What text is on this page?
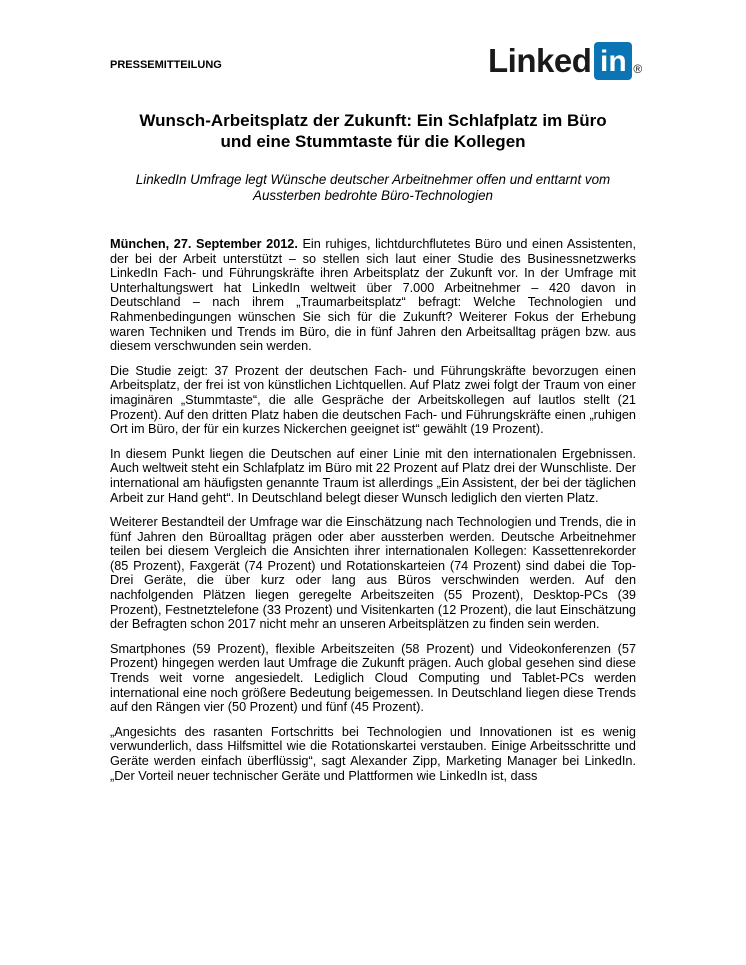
PRESSEMITTEILUNG	Linked in ®
Wunsch-Arbeitsplatz der Zukunft: Ein Schlafplatz im Büro
und eine Stummtaste für die Kollegen
LinkedIn Umfrage legt Wünsche deutscher Arbeitnehmer offen und enttarnt vom
Aussterben bedrohte Büro-Technologien

München, 27. September 2012. Ein ruhiges, lichtdurchflutetes Büro und einen Assistenten, der bei der Arbeit unterstützt – so stellen sich laut einer Studie des Businessnetzwerks LinkedIn Fach- und Führungskräfte ihren Arbeitsplatz der Zukunft vor. In der Umfrage mit Unterhaltungswert hat LinkedIn weltweit über 7.000 Arbeitnehmer – 420 davon in Deutschland – nach ihrem „Traumarbeitsplatz“ befragt: Welche Technologien und Rahmenbedingungen wünschen Sie sich für die Zukunft? Weiterer Fokus der Erhebung waren Techniken und Trends im Büro, die in fünf Jahren den Arbeitsalltag prägen bzw. aus diesem verschwunden sein werden.

Die Studie zeigt: 37 Prozent der deutschen Fach- und Führungskräfte bevorzugen einen Arbeitsplatz, der frei ist von künstlichen Lichtquellen. Auf Platz zwei folgt der Traum von einer imaginären „Stummtaste“, die alle Gespräche der Arbeitskollegen auf lautlos stellt (21 Prozent). Auf den dritten Platz haben die deutschen Fach- und Führungskräfte einen „ruhigen Ort im Büro, der für ein kurzes Nickerchen geeignet ist“ gewählt (19 Prozent).

In diesem Punkt liegen die Deutschen auf einer Linie mit den internationalen Ergebnissen. Auch weltweit steht ein Schlafplatz im Büro mit 22 Prozent auf Platz drei der Wunschliste. Der international am häufigsten genannte Traum ist allerdings „Ein Assistent, der bei der täglichen Arbeit zur Hand geht“. In Deutschland belegt dieser Wunsch lediglich den vierten Platz.

Weiterer Bestandteil der Umfrage war die Einschätzung nach Technologien und Trends, die in fünf Jahren den Büroalltag prägen oder aber aussterben werden. Deutsche Arbeitnehmer teilen bei diesem Vergleich die Ansichten ihrer internationalen Kollegen: Kassettenrekorder (85 Prozent), Faxgerät (74 Prozent) und Rotationskarteien (74 Prozent) sind dabei die Top-Drei Geräte, die über kurz oder lang aus Büros verschwinden werden. Auf den nachfolgenden Plätzen liegen geregelte Arbeitszeiten (55 Prozent), Desktop-PCs (39 Prozent), Festnetztelefone (33 Prozent) und Visitenkarten (12 Prozent), die laut Einschätzung der Befragten schon 2017 nicht mehr an unseren Arbeitsplätzen zu finden sein werden.

Smartphones (59 Prozent), flexible Arbeitszeiten (58 Prozent) und Videokonferenzen (57 Prozent) hingegen werden laut Umfrage die Zukunft prägen. Auch global gesehen sind diese Trends weit vorne angesiedelt. Lediglich Cloud Computing und Tablet-PCs werden international eine noch größere Bedeutung beigemessen. In Deutschland liegen diese Trends auf den Rängen vier (50 Prozent) und fünf (45 Prozent).

„Angesichts des rasanten Fortschritts bei Technologien und Innovationen ist es wenig verwunderlich, dass Hilfsmittel wie die Rotationskartei verstauben. Einige Arbeitsschritte und Geräte werden einfach überflüssig“, sagt Alexander Zipp, Marketing Manager bei LinkedIn. „Der Vorteil neuer technischer Geräte und Plattformen wie LinkedIn ist, dass
